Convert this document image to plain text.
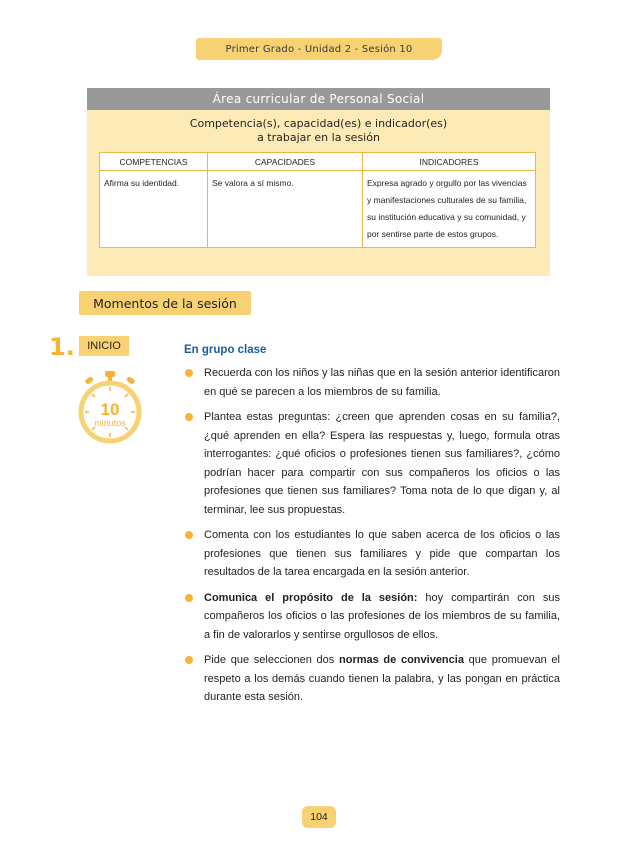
Primer Grado - Unidad 2 - Sesión 10
Área curricular de Personal Social
Competencia(s), capacidad(es) e indicador(es)
a trabajar en la sesión
COMPETENCIAS	CAPACIDADES	INDICADORES
Afirma su identidad.	Se valora a sí mismo.	Expresa agrado y orgullo por las vivencias y manifestaciones culturales de su familia, su institución educativa y su comunidad, y por sentirse parte de estos grupos.
Momentos de la sesión
1.	INICIO
10
minutos
En grupo clase
Recuerda con los niños y las niñas que en la sesión anterior identificaron en qué se parecen a los miembros de su familia.
Plantea estas preguntas: ¿creen que aprenden cosas en su familia?, ¿qué aprenden en ella? Espera las respuestas y, luego, formula otras interrogantes: ¿qué oficios o profesiones tienen sus familiares?, ¿cómo podrían hacer para compartir con sus compañeros los oficios o las profesiones que tienen sus familiares? Toma nota de lo que digan y, al terminar, lee sus propuestas.
Comenta con los estudiantes lo que saben acerca de los oficios o las profesiones que tienen sus familiares y pide que compartan los resultados de la tarea encargada en la sesión anterior.
Comunica el propósito de la sesión: hoy compartirán con sus compañeros los oficios o las profesiones de los miembros de su familia, a fin de valorarlos y sentirse orgullosos de ellos.
Pide que seleccionen dos normas de convivencia que promuevan el respeto a los demás cuando tienen la palabra, y las pongan en práctica durante esta sesión.
104
